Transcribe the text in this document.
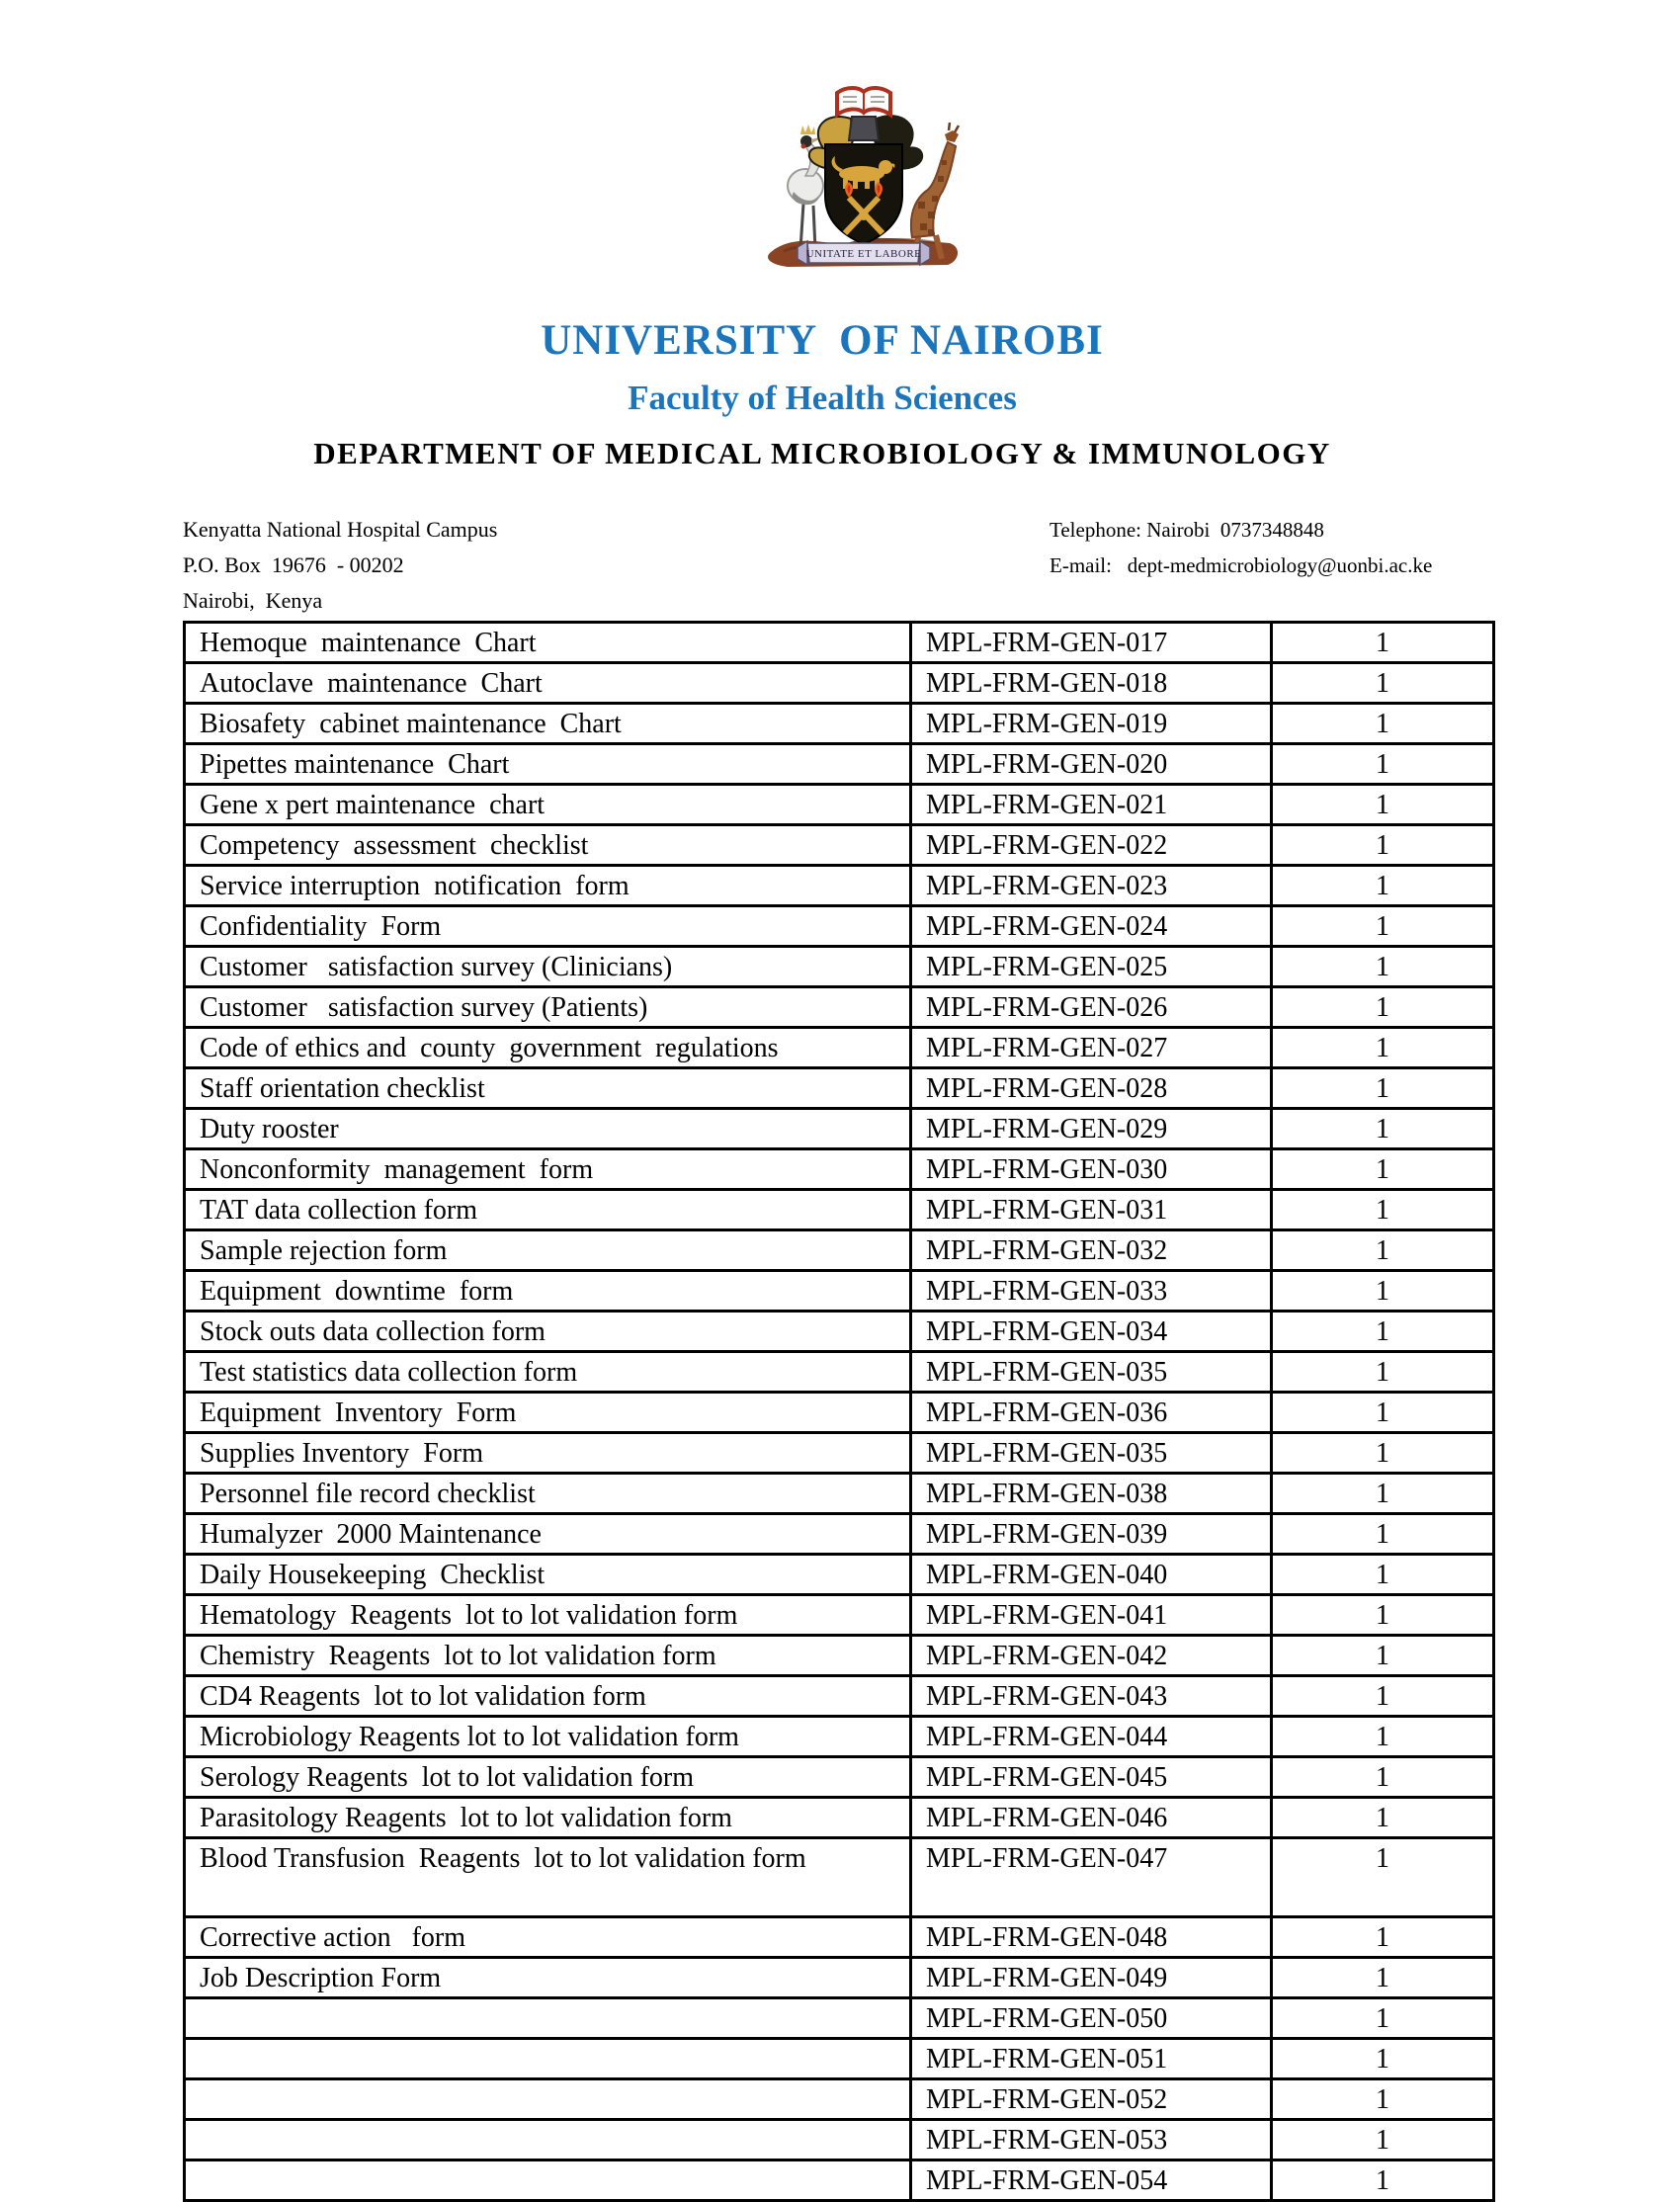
UNITATE ET LABORE
UNIVERSITY  OF NAIROBI
Faculty of Health Sciences
DEPARTMENT OF MEDICAL MICROBIOLOGY & IMMUNOLOGY
Kenyatta National Hospital Campus
P.O. Box  19676  - 00202
Nairobi,  Kenya
Telephone: Nairobi  0737348848
E-mail:   dept-medmicrobiology@uonbi.ac.ke
Hemoque  maintenance  Chart	MPL-FRM-GEN-017	1
Autoclave  maintenance  Chart	MPL-FRM-GEN-018	1
Biosafety  cabinet maintenance  Chart	MPL-FRM-GEN-019	1
Pipettes maintenance  Chart	MPL-FRM-GEN-020	1
Gene x pert maintenance  chart	MPL-FRM-GEN-021	1
Competency  assessment  checklist	MPL-FRM-GEN-022	1
Service interruption  notification  form	MPL-FRM-GEN-023	1
Confidentiality  Form	MPL-FRM-GEN-024	1
Customer   satisfaction survey (Clinicians)	MPL-FRM-GEN-025	1
Customer   satisfaction survey (Patients)	MPL-FRM-GEN-026	1
Code of ethics and  county  government  regulations	MPL-FRM-GEN-027	1
Staff orientation checklist	MPL-FRM-GEN-028	1
Duty rooster	MPL-FRM-GEN-029	1
Nonconformity  management  form	MPL-FRM-GEN-030	1
TAT data collection form	MPL-FRM-GEN-031	1
Sample rejection form	MPL-FRM-GEN-032	1
Equipment  downtime  form	MPL-FRM-GEN-033	1
Stock outs data collection form	MPL-FRM-GEN-034	1
Test statistics data collection form	MPL-FRM-GEN-035	1
Equipment  Inventory  Form	MPL-FRM-GEN-036	1
Supplies Inventory  Form	MPL-FRM-GEN-035	1
Personnel file record checklist	MPL-FRM-GEN-038	1
Humalyzer  2000 Maintenance	MPL-FRM-GEN-039	1
Daily Housekeeping  Checklist	MPL-FRM-GEN-040	1
Hematology  Reagents  lot to lot validation form	MPL-FRM-GEN-041	1
Chemistry  Reagents  lot to lot validation form	MPL-FRM-GEN-042	1
CD4 Reagents  lot to lot validation form	MPL-FRM-GEN-043	1
Microbiology Reagents lot to lot validation form	MPL-FRM-GEN-044	1
Serology Reagents  lot to lot validation form	MPL-FRM-GEN-045	1
Parasitology Reagents  lot to lot validation form	MPL-FRM-GEN-046	1
Blood Transfusion  Reagents  lot to lot validation form	MPL-FRM-GEN-047	1
Corrective action   form	MPL-FRM-GEN-048	1
Job Description Form	MPL-FRM-GEN-049	1
	MPL-FRM-GEN-050	1
	MPL-FRM-GEN-051	1
	MPL-FRM-GEN-052	1
	MPL-FRM-GEN-053	1
	MPL-FRM-GEN-054	1
